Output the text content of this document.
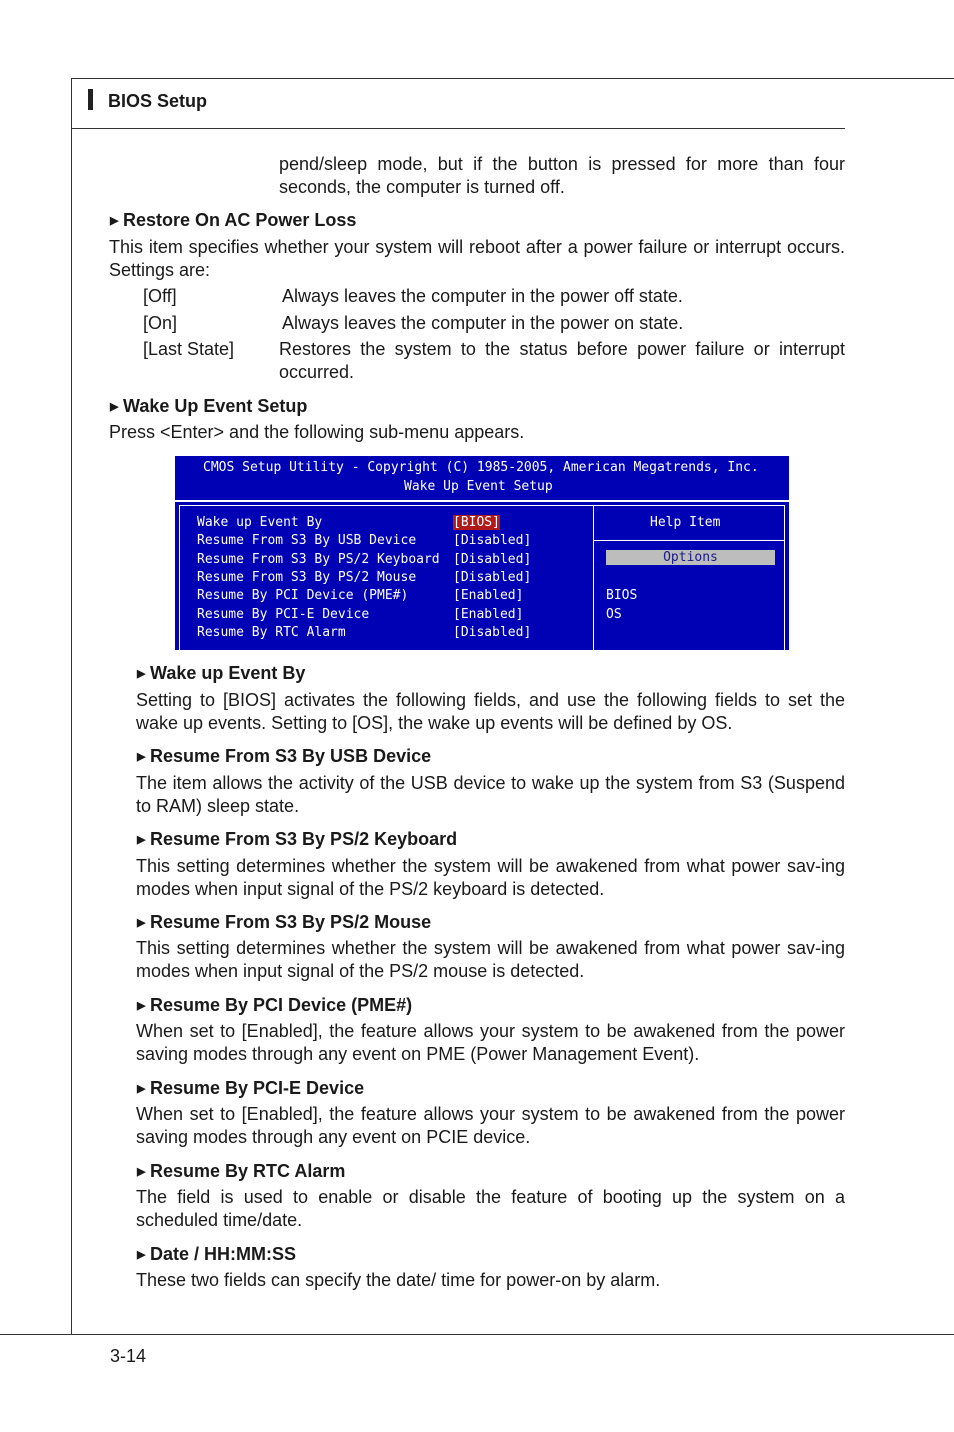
BIOS Setup

pend/sleep mode, but if the button is pressed for more than four seconds, the computer is turned off.

▶ Restore On AC Power Loss

This item specifies whether your system will reboot after a power failure or interrupt occurs. Settings are:

[Off]	Always leaves the computer in the power off state.
[On]	Always leaves the computer in the power on state.
[Last State] Restores the system to the status before power failure or interrupt occurred.

▶ Wake Up Event Setup
Press <Enter> and the following sub-menu appears.
CMOS Setup Utility - Copyright (C) 1985-2005, American Megatrends, Inc.
Wake Up Event Setup
Wake up Event By	[BIOS]
Resume From S3 By USB Device	[Disabled]
Resume From S3 By PS/2 Keyboard [Disabled]
Resume From S3 By PS/2 Mouse	[Disabled]
Resume By PCI Device (PME#)	[Enabled]
Resume By PCI-E Device	[Enabled]
Resume By RTC Alarm	[Disabled]
Help Item
Options
BIOS
OS
▶ Wake up Event By

Setting to [BIOS] activates the following fields, and use the following fields to set the wake up events. Setting to [OS], the wake up events will be defined by OS.

▶ Resume From S3 By USB Device

The item allows the activity of the USB device to wake up the system from S3 (Suspend to RAM) sleep state.

▶ Resume From S3 By PS/2 Keyboard

This setting determines whether the system will be awakened from what power sav-ing modes when input signal of the PS/2 keyboard is detected.

▶ Resume From S3 By PS/2 Mouse

This setting determines whether the system will be awakened from what power sav-ing modes when input signal of the PS/2 mouse is detected.

▶ Resume By PCI Device (PME#)

When set to [Enabled], the feature allows your system to be awakened from the power saving modes through any event on PME (Power Management Event).

▶ Resume By PCI-E Device

When set to [Enabled], the feature allows your system to be awakened from the power saving modes through any event on PCIE device.

▶ Resume By RTC Alarm

The field is used to enable or disable the feature of booting up the system on a scheduled time/date.

▶ Date / HH:MM:SS

These two fields can specify the date/ time for power-on by alarm.

3-14
